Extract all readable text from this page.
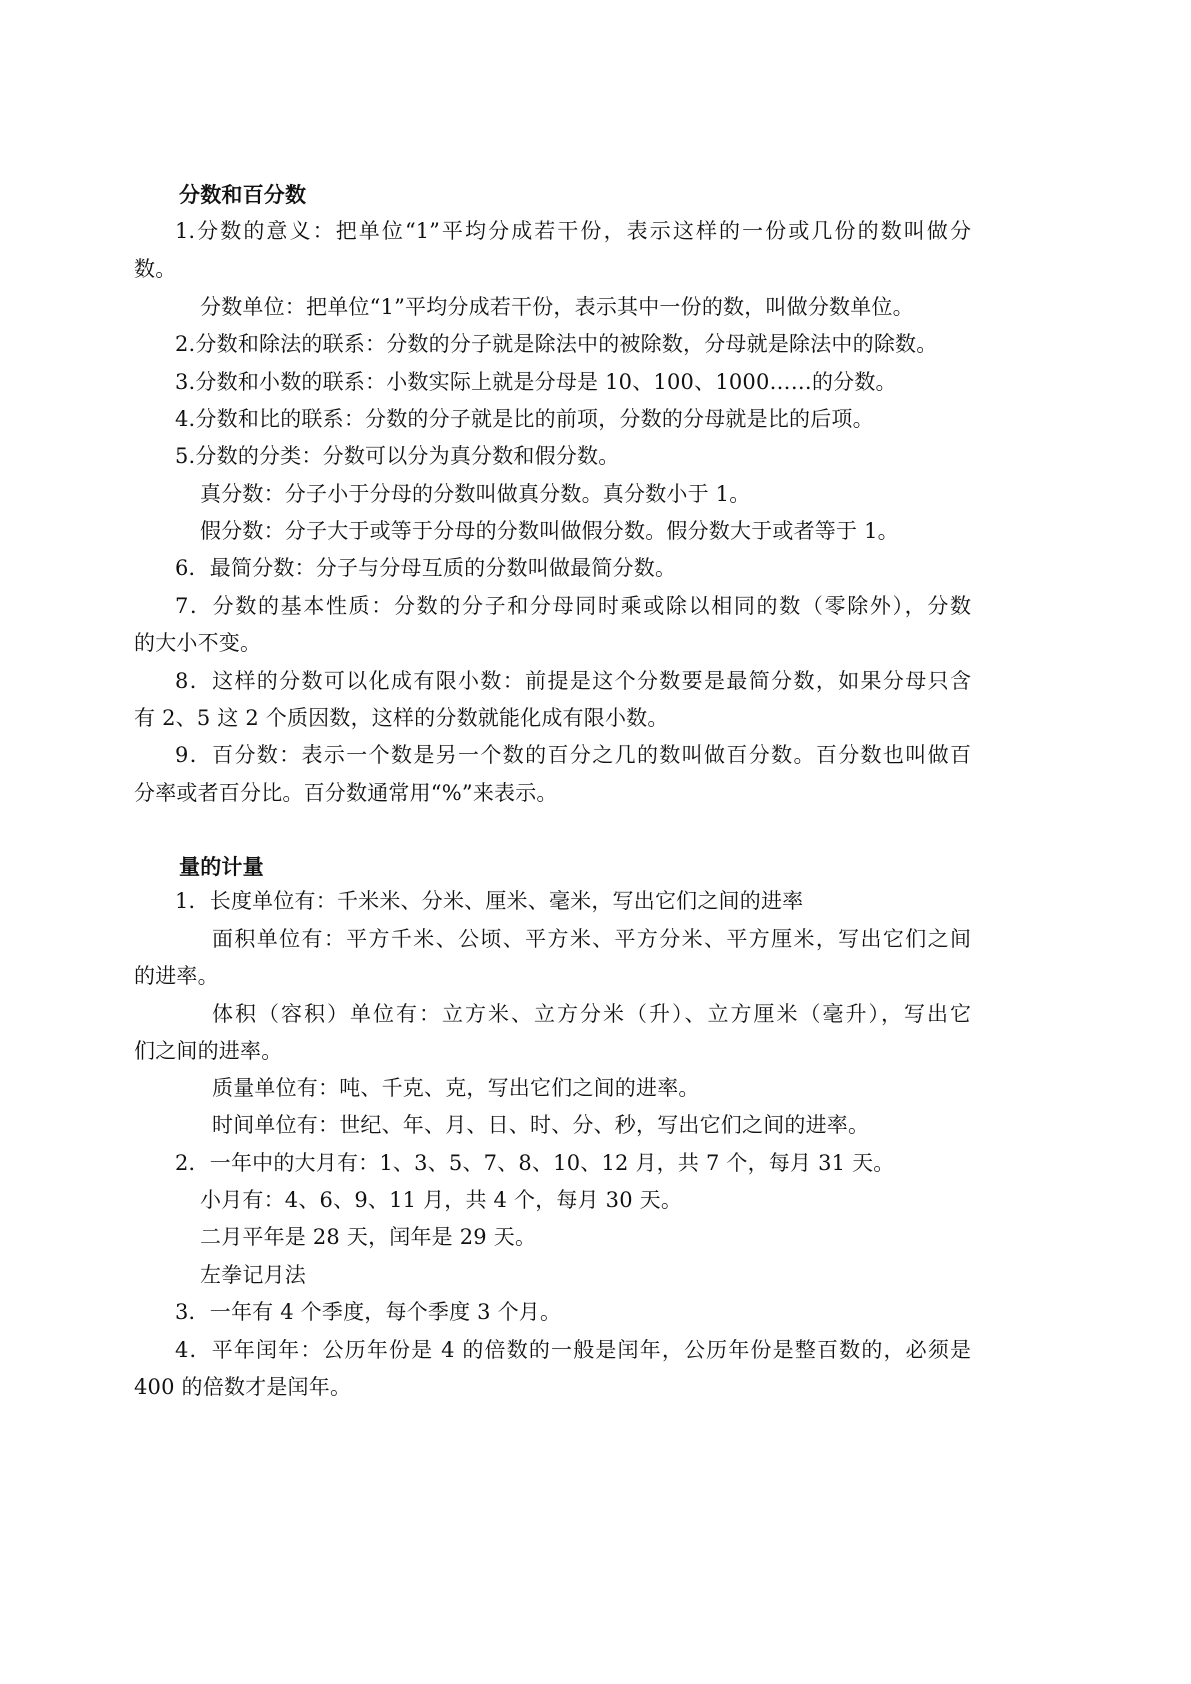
分数和百分数
1.分数的意义：把单位“1”平均分成若干份，表示这样的一份或几份的数叫做分
数。
分数单位：把单位“1”平均分成若干份，表示其中一份的数，叫做分数单位。
2.分数和除法的联系：分数的分子就是除法中的被除数，分母就是除法中的除数。
3.分数和小数的联系：小数实际上就是分母是 10、100、1000……的分数。
4.分数和比的联系：分数的分子就是比的前项，分数的分母就是比的后项。
5.分数的分类：分数可以分为真分数和假分数。
真分数：分子小于分母的分数叫做真分数。真分数小于 1。
假分数：分子大于或等于分母的分数叫做假分数。假分数大于或者等于 1。
6．最简分数：分子与分母互质的分数叫做最简分数。
7．分数的基本性质：分数的分子和分母同时乘或除以相同的数（零除外），分数
的大小不变。
8．这样的分数可以化成有限小数：前提是这个分数要是最简分数，如果分母只含
有 2、5 这 2 个质因数，这样的分数就能化成有限小数。
9．百分数：表示一个数是另一个数的百分之几的数叫做百分数。百分数也叫做百
分率或者百分比。百分数通常用“%”来表示。
量的计量
1．长度单位有：千米米、分米、厘米、毫米，写出它们之间的进率
面积单位有：平方千米、公顷、平方米、平方分米、平方厘米，写出它们之间
的进率。
体积（容积）单位有：立方米、立方分米（升）、立方厘米（毫升），写出它
们之间的进率。
质量单位有：吨、千克、克，写出它们之间的进率。
时间单位有：世纪、年、月、日、时、分、秒，写出它们之间的进率。
2．一年中的大月有：1、3、5、7、8、10、12 月，共 7 个，每月 31 天。
小月有：4、6、9、11 月，共 4 个，每月 30 天。
二月平年是 28 天，闰年是 29 天。
左拳记月法
3．一年有 4 个季度，每个季度 3 个月。
4．平年闰年：公历年份是 4 的倍数的一般是闰年，公历年份是整百数的，必须是
400 的倍数才是闰年。
